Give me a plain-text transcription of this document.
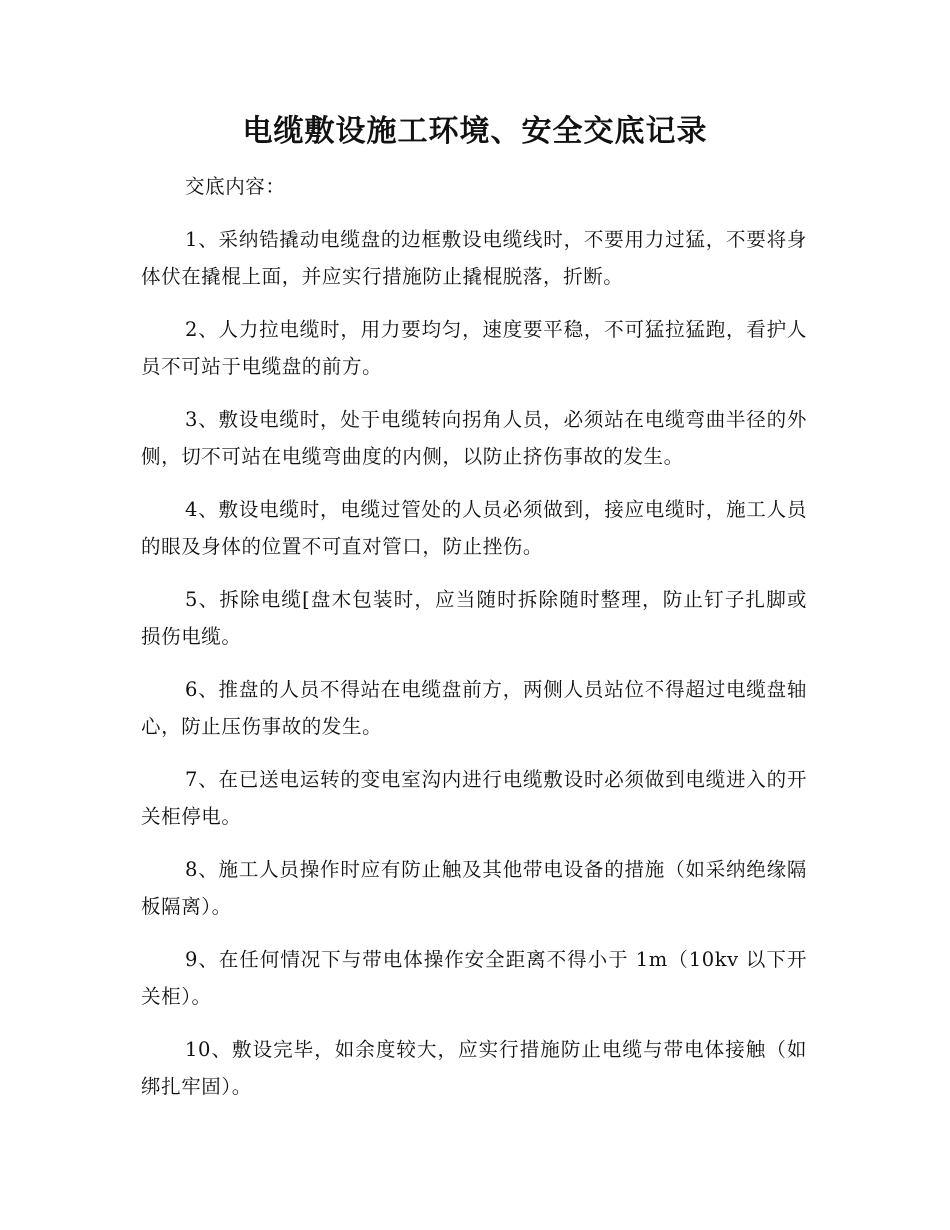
电缆敷设施工环境、安全交底记录

交底内容：

1、采纳锆撬动电缆盘的边框敷设电缆线时，不要用力过猛，不要将身体伏在撬棍上面，并应实行措施防止撬棍脱落，折断。

2、人力拉电缆时，用力要均匀，速度要平稳，不可猛拉猛跑，看护人员不可站于电缆盘的前方。

3、敷设电缆时，处于电缆转向拐角人员，必须站在电缆弯曲半径的外侧，切不可站在电缆弯曲度的内侧，以防止挤伤事故的发生。

4、敷设电缆时，电缆过管处的人员必须做到，接应电缆时，施工人员的眼及身体的位置不可直对管口，防止挫伤。

5、拆除电缆[盘木包装时，应当随时拆除随时整理，防止钉子扎脚或损伤电缆。

6、推盘的人员不得站在电缆盘前方，两侧人员站位不得超过电缆盘轴心，防止压伤事故的发生。

7、在已送电运转的变电室沟内进行电缆敷设时必须做到电缆进入的开关柜停电。

8、施工人员操作时应有防止触及其他带电设备的措施（如采纳绝缘隔板隔离）。

9、在任何情况下与带电体操作安全距离不得小于 1m（10kv 以下开关柜）。

10、敷设完毕，如余度较大，应实行措施防止电缆与带电体接触（如绑扎牢固）。
